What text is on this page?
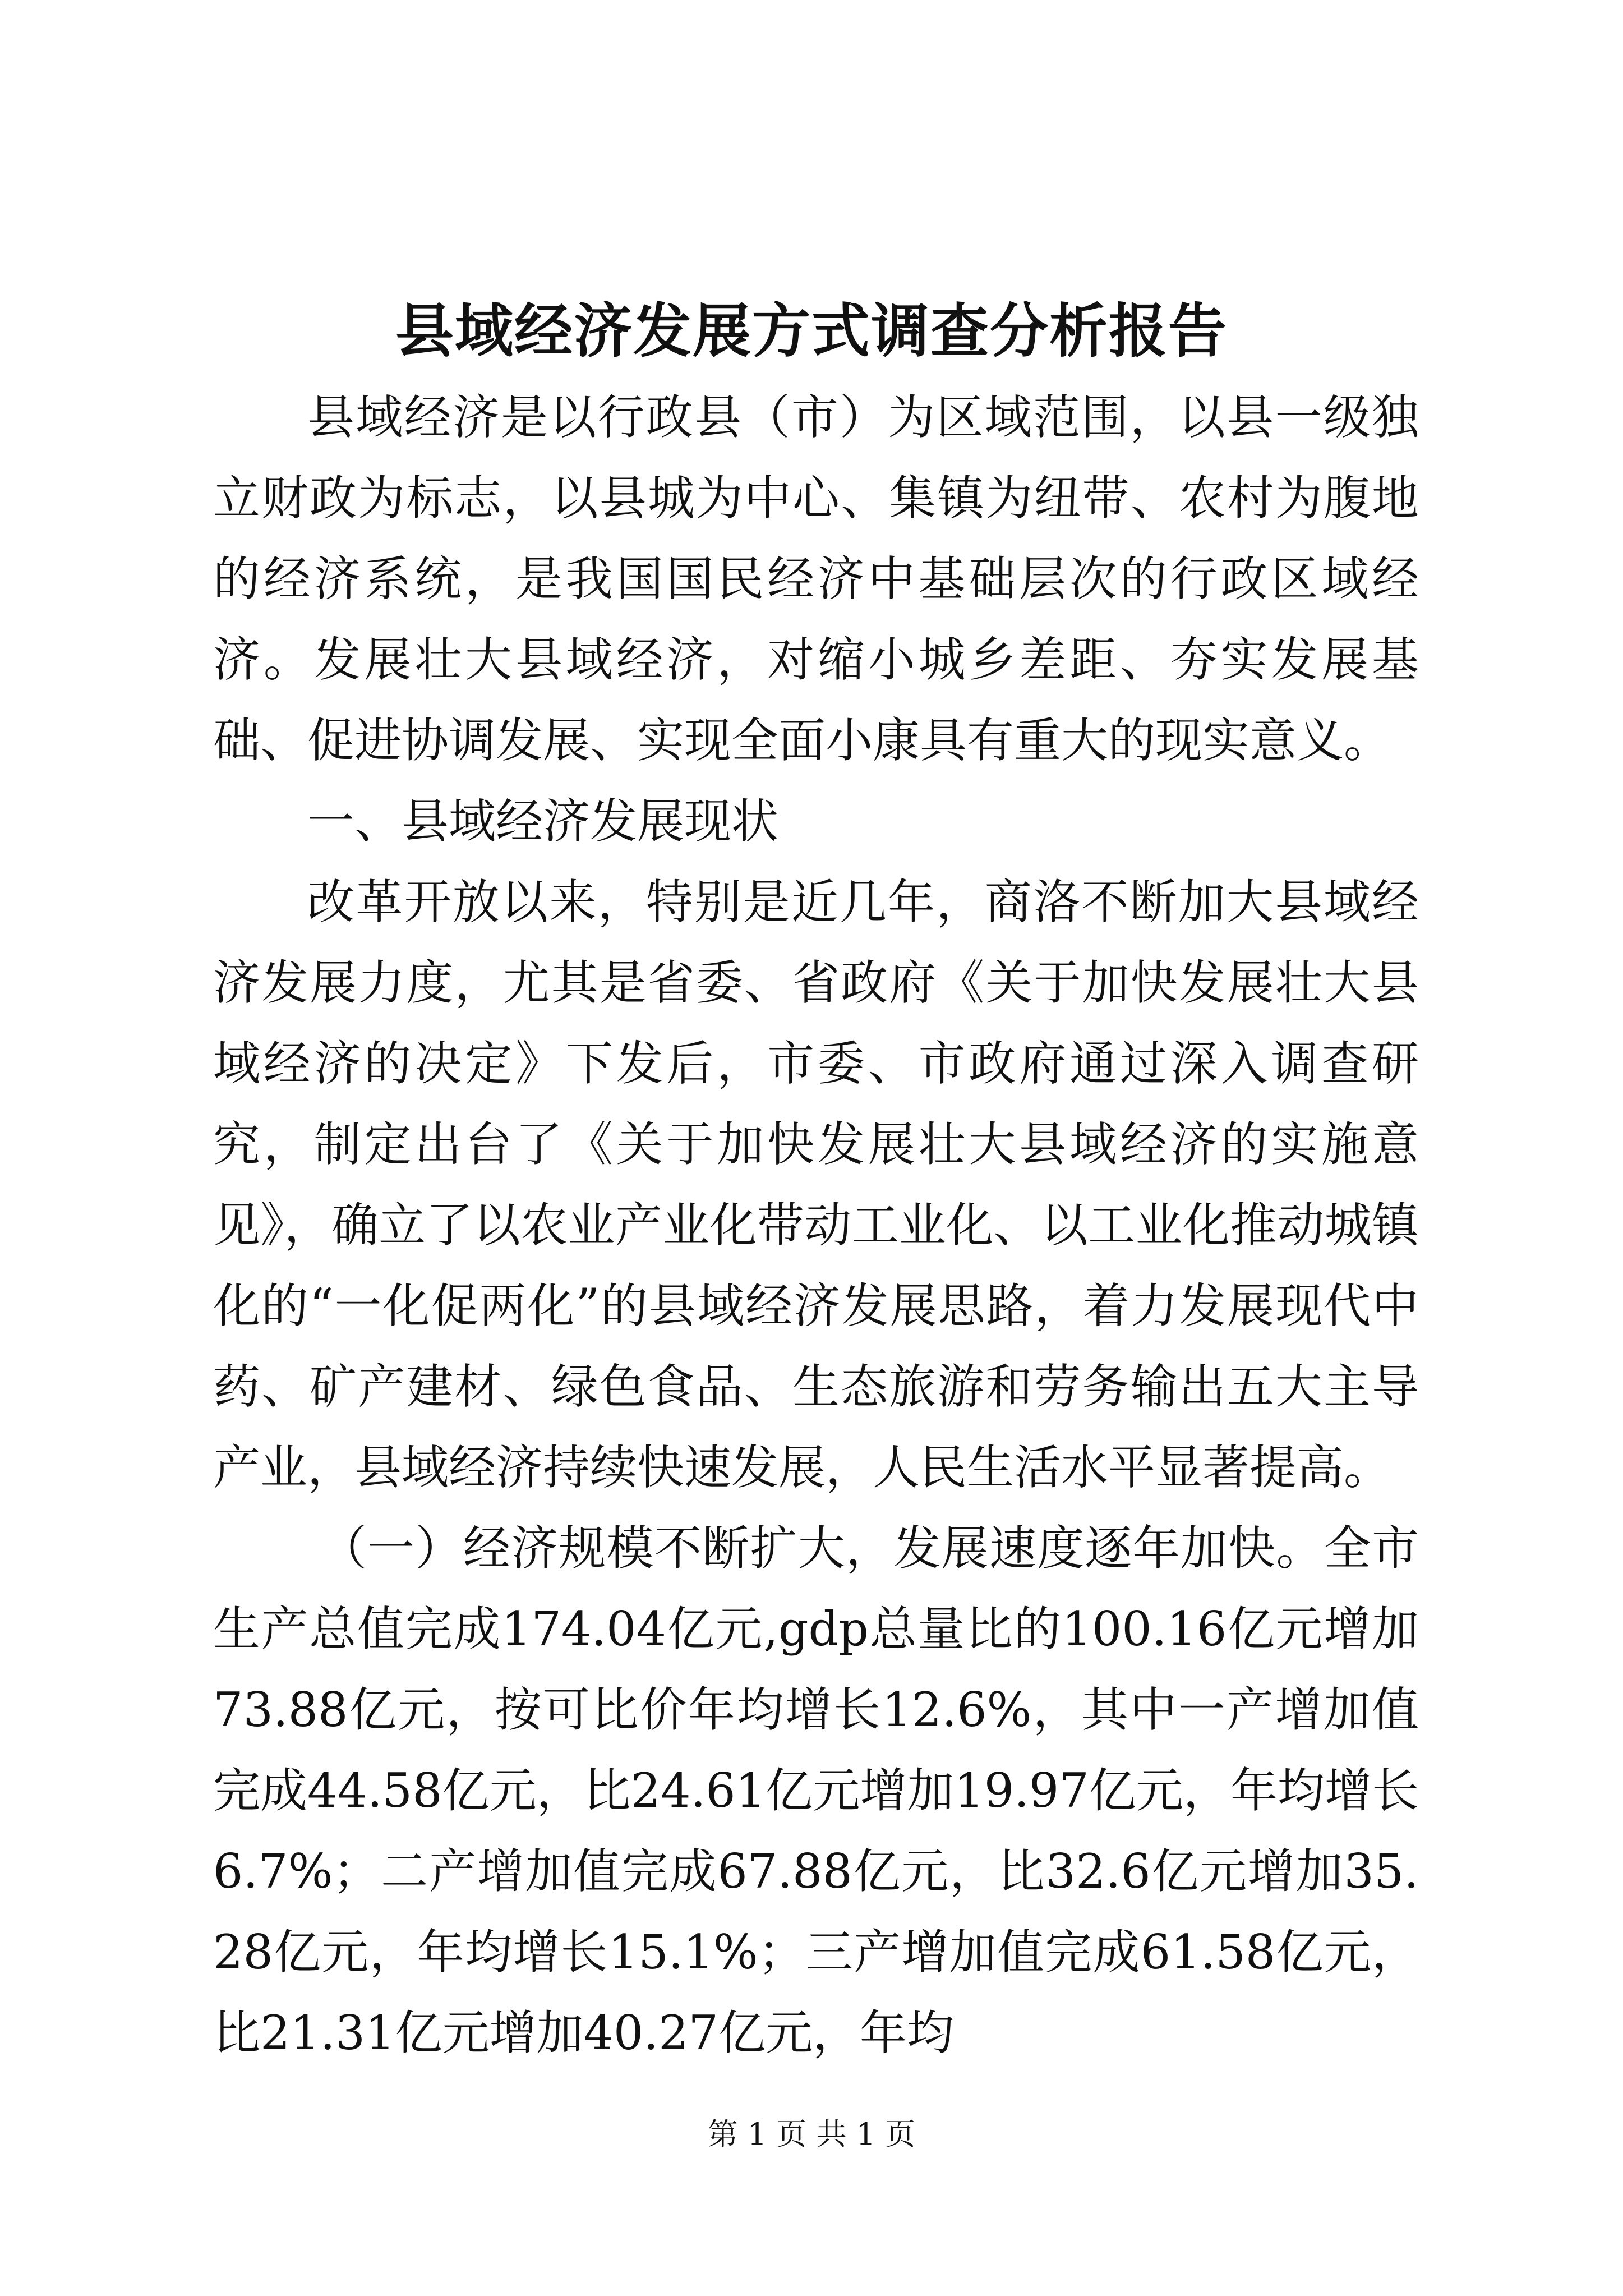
县域经济发展方式调查分析报告

县域经济是以行政县（市）为区域范围，以县一级独立财政为标志，以县城为中心、集镇为纽带、农村为腹地的经济系统，是我国国民经济中基础层次的行政区域经济。发展壮大县域经济，对缩小城乡差距、夯实发展基础、促进协调发展、实现全面小康具有重大的现实意义。

一、县域经济发展现状

改革开放以来，特别是近几年，商洛不断加大县域经济发展力度，尤其是省委、省政府《关于加快发展壮大县域经济的决定》下发后，市委、市政府通过深入调查研究，制定出台了《关于加快发展壮大县域经济的实施意见》，确立了以农业产业化带动工业化、以工业化推动城镇化的“一化促两化”的县域经济发展思路，着力发展现代中药、矿产建材、绿色食品、生态旅游和劳务输出五大主导产业，县域经济持续快速发展，人民生活水平显著提高。

（一）经济规模不断扩大，发展速度逐年加快。全市生产总值完成174.04亿元,gdp总量比的100.16亿元增加73.88亿元，按可比价年均增长12.6%，其中一产增加值完成44.58亿元，比24.61亿元增加19.97亿元，年均增长6.7%；二产增加值完成67.88亿元，比32.6亿元增加35.28亿元，年均增长15.1%；三产增加值完成61.58亿元，比21.31亿元增加40.27亿元，年均

第 1 页 共 1 页
